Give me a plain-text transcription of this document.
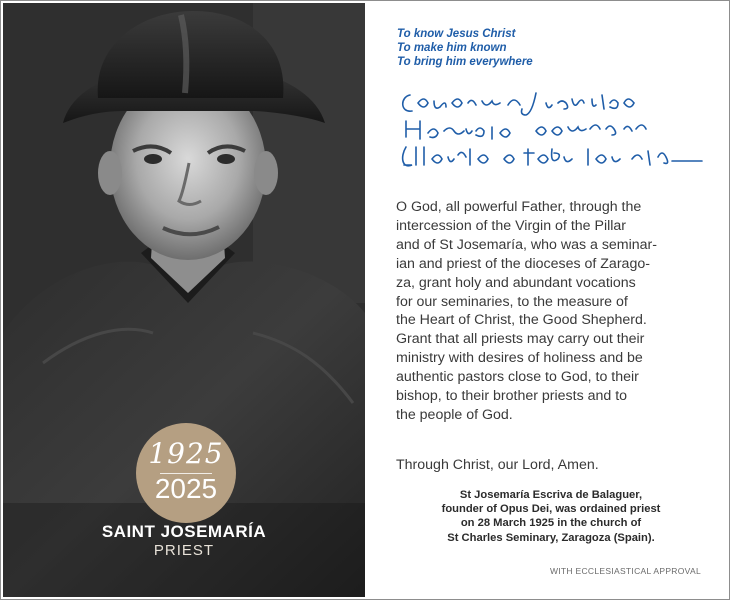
1925
2025
SAINT JOSEMARÍA
PRIEST
To know Jesus Christ
To make him known
To bring him everywhere
O God, all powerful Father, through the
intercession of the Virgin of the Pillar
and of St Josemaría, who was a seminar-
ian and priest of the dioceses of Zarago-
za, grant holy and abundant vocations
for our seminaries, to the measure of
the Heart of Christ, the Good Shepherd.
Grant that all priests may carry out their
ministry with desires of holiness and be
authentic pastors close to God, to their
bishop, to their brother priests and to
the people of God.
Through Christ, our Lord, Amen.
St Josemaría Escriva de Balaguer,
founder of Opus Dei, was ordained priest
on 28 March 1925 in the church of
St Charles Seminary, Zaragoza (Spain).
WITH ECCLESIASTICAL APPROVAL
